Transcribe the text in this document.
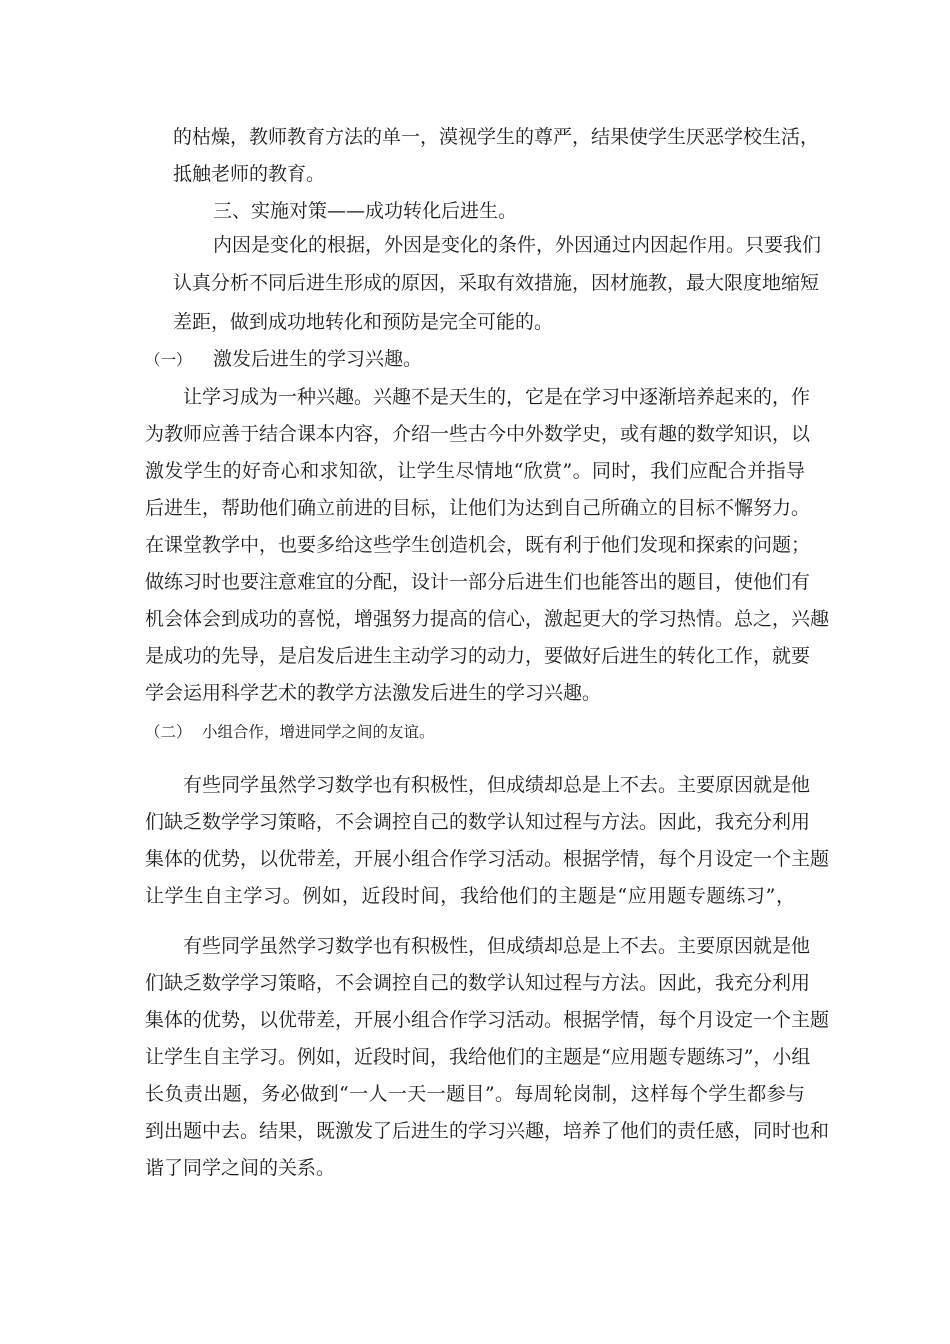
的枯燥，教师教育方法的单一，漠视学生的尊严，结果使学生厌恶学校生活，
抵触老师的教育。
三、实施对策——成功转化后进生。
内因是变化的根据，外因是变化的条件，外因通过内因起作用。只要我们
认真分析不同后进生形成的原因，采取有效措施，因材施教，最大限度地缩短
差距，做到成功地转化和预防是完全可能的。
（一） 激发后进生的学习兴趣。
让学习成为一种兴趣。兴趣不是天生的，它是在学习中逐渐培养起来的，作
为教师应善于结合课本内容，介绍一些古今中外数学史，或有趣的数学知识，以
激发学生的好奇心和求知欲，让学生尽情地“欣赏”。同时，我们应配合并指导
后进生，帮助他们确立前进的目标，让他们为达到自己所确立的目标不懈努力。
在课堂教学中，也要多给这些学生创造机会，既有利于他们发现和探索的问题；
做练习时也要注意难宜的分配，设计一部分后进生们也能答出的题目，使他们有
机会体会到成功的喜悦，增强努力提高的信心，激起更大的学习热情。总之，兴趣
是成功的先导，是启发后进生主动学习的动力，要做好后进生的转化工作，就要
学会运用科学艺术的教学方法激发后进生的学习兴趣。
（二） 小组合作，增进同学之间的友谊。
有些同学虽然学习数学也有积极性，但成绩却总是上不去。主要原因就是他
们缺乏数学学习策略，不会调控自己的数学认知过程与方法。因此，我充分利用
集体的优势，以优带差，开展小组合作学习活动。根据学情，每个月设定一个主题
让学生自主学习。例如，近段时间，我给他们的主题是“应用题专题练习”，
有些同学虽然学习数学也有积极性，但成绩却总是上不去。主要原因就是他
们缺乏数学学习策略，不会调控自己的数学认知过程与方法。因此，我充分利用
集体的优势，以优带差，开展小组合作学习活动。根据学情，每个月设定一个主题
让学生自主学习。例如，近段时间，我给他们的主题是“应用题专题练习”，小组
长负责出题，务必做到“一人一天一题目”。每周轮岗制，这样每个学生都参与
到出题中去。结果，既激发了后进生的学习兴趣，培养了他们的责任感，同时也和
谐了同学之间的关系。
